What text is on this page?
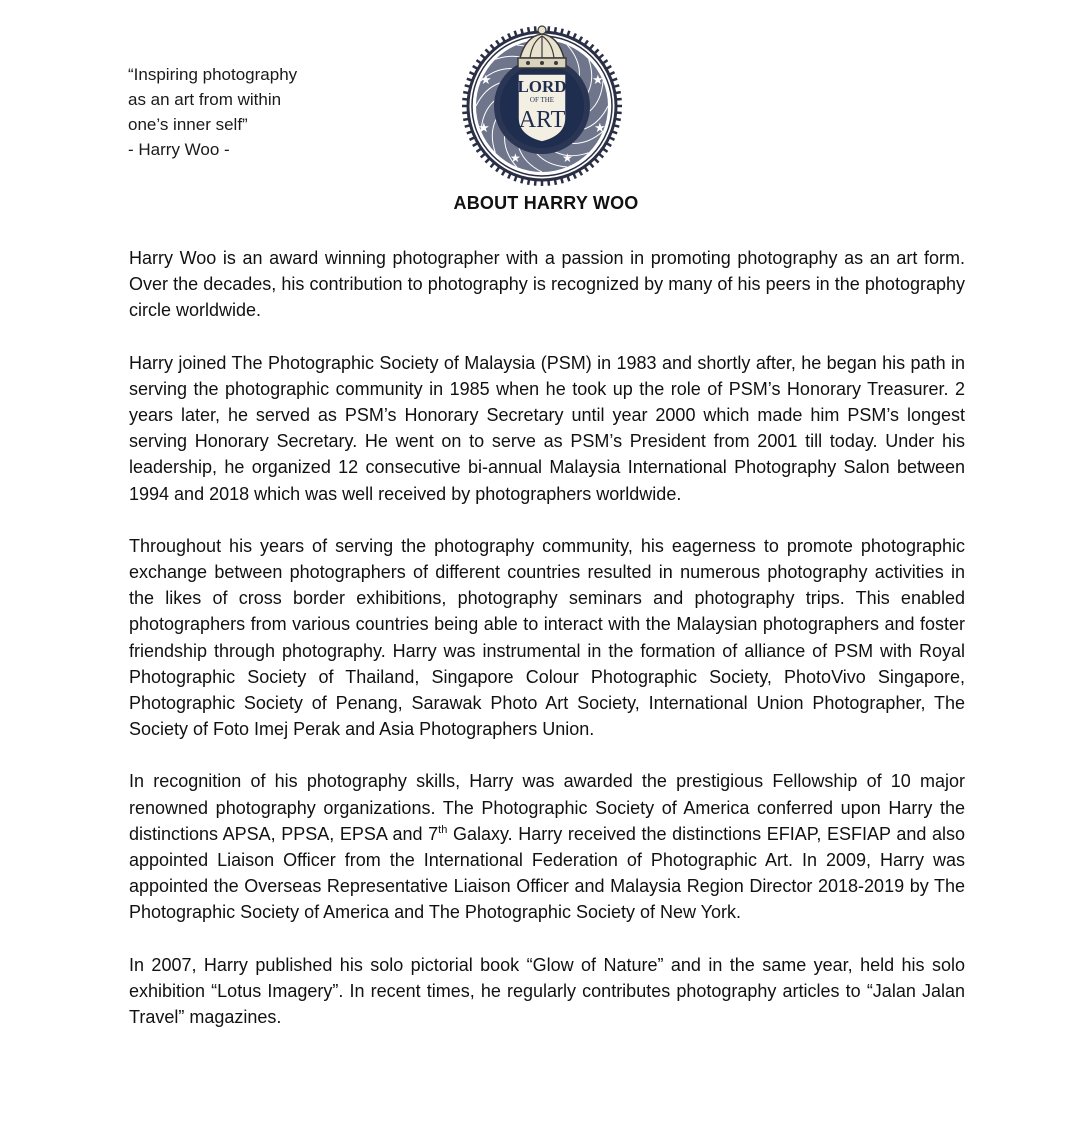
“Inspiring photography
as an art from within
one’s inner self”
- Harry Woo -
★	★
★	★
★	★
LORD
OF THE
ART
ABOUT HARRY WOO

Harry Woo is an award winning photographer with a passion in promoting photography as an art form. Over the decades, his contribution to photography is recognized by many of his peers in the photography circle worldwide.

Harry joined The Photographic Society of Malaysia (PSM) in 1983 and shortly after, he began his path in serving the photographic community in 1985 when he took up the role of PSM’s Honorary Treasurer. 2 years later, he served as PSM’s Honorary Secretary until year 2000 which made him PSM’s longest serving Honorary Secretary. He went on to serve as PSM’s President from 2001 till today. Under his leadership, he organized 12 consecutive bi-annual Malaysia International Photography Salon between 1994 and 2018 which was well received by photographers worldwide.

Throughout his years of serving the photography community, his eagerness to promote photographic exchange between photographers of different countries resulted in numerous photography activities in the likes of cross border exhibitions, photography seminars and photography trips. This enabled photographers from various countries being able to interact with the Malaysian photographers and foster friendship through photography. Harry was instrumental in the formation of alliance of PSM with Royal Photographic Society of Thailand, Singapore Colour Photographic Society, PhotoVivo Singapore, Photographic Society of Penang, Sarawak Photo Art Society, International Union Photographer, The Society of Foto Imej Perak and Asia Photographers Union.

In recognition of his photography skills, Harry was awarded the prestigious Fellowship of 10 major renowned photography organizations. The Photographic Society of America conferred upon Harry the distinctions APSA, PPSA, EPSA and 7th Galaxy. Harry received the distinctions EFIAP, ESFIAP and also appointed Liaison Officer from the International Federation of Photographic Art. In 2009, Harry was appointed the Overseas Representative Liaison Officer and Malaysia Region Director 2018-2019 by The Photographic Society of America and The Photographic Society of New York.

In 2007, Harry published his solo pictorial book “Glow of Nature” and in the same year, held his solo exhibition “Lotus Imagery”. In recent times, he regularly contributes photography articles to “Jalan Jalan Travel” magazines.
